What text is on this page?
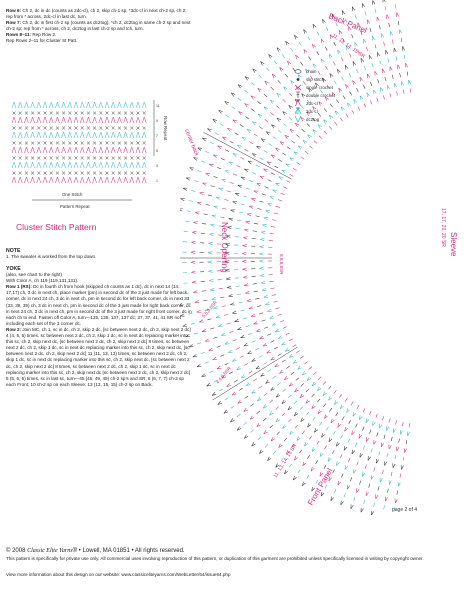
Row 6: Ch 2, dc in dc (counts as 2dc-cl), ch 2, skip ch-1 sp, *3dc-cl in next ch-2 sp, ch 2; rep from * across, 2dc-cl in last dc, turn.

Row 7: Ch 2, dc in first ch-2 sp (counts as dc2tog), *ch 2, dc2tog in same ch-2 sp and next ch-2 sp; rep from * across, ch 2, dc2tog in last ch-2 sp and tch, turn.

Rows 8–11: Rep Row 2.

Rep Rows 2–11 for Cluster St Patt.

11
9
7
5
3
1
Row Repeat
One Stitch
Pattern Repeat
Cluster Stitch Pattern

NOTE

1. The sweater is worked from the top down.

YOKE

(also, see chart to the right)

With Color A, ch 119 (119,131,131).

Row 1 (RS): Dc in fourth ch from hook (skipped ch counts as 1 dc), dc in next 14 (14, 17,17) ch, 3 dc in next ch, place marker (pm) in second dc of the 3 just made for left back corner, dc in next 24 ch, 3 dc in next ch, pm in second dc for left back corner, dc in next 33 (33, 39, 39) ch, 3 dc in next ch, pm in second dc of the 3 just made for right back corner, dc in next 24 ch, 3 dc in next ch, pm in second dc of the 3 just made for right front corner, dc in each ch to end. Fasten off Color A, turn—125, 125, 137, 137 dc; 37, 37, 41, 41 SR not including each set of the 3 corner dc.

Row 2: Join MC, ch 1, sc in dc, ch 2, skip 2 dc, [sc between next 2 dc, ch 2, skip next 2 dc] 4 (4, 5, 5) times, sc between next 2 dc, ch 2, skip 1 dc, sc in next dc replacing marker into this sc, ch 2, skip next dc, [sc between next 2 dc, ch 2, skip next 2 dc] 8 times, sc between next 2 dc, ch 2, skip 1 dc, sc in next dc replacing marker into this sc, ch 2, skip next dc, [sc between next 2 dc, ch 2, skip next 2 dc] 11 (11, 13, 13) times, sc between next 2 dc, ch 2, skip 1 dc, sc in next dc replacing marker into this sc, ch 2, skip next dc, [sc between next 2 dc, ch 2, skip next 2 dc] 8 times, sc between next 2 dc, ch 2, skip 1 dc, sc in next dc replacing marker into this sc, ch 2, skip next dc [sc between next 2 dc, ch 2, skip next 2 dc] 5 (5, 6, 6) times, sc in last sc, turn—45 (45, 49, 49) ch-2 sp’s and SR; 6 (6, 7, 7) ch-2 sp each Front; 10 ch-2 sp on each Sleeve; 13 (13, 15, 15) ch-2 sp on Back.

Back Panel
11, 13, 14, 15 SR
center back
Sleeve
17, 17, 20, 20 SR
Neck Opening
Front Panel
11, 13, 14, 15 SR
8,8,8,8SR
5,5,6,6SR
4,4,5,5SR
chain
slip stitch
single crochet
double crochet
2dc-cl
3dc-cl
dc2tog
page 2 of 4

© 2008 Classic Elite Yarns® • Lowell, MA 01851 • All rights reserved.

This pattern is specifically for private use only. All commercial uses involving reproduction of this pattern, or duplication of this garment are prohibited unless specifically licensed in writing by copyright owner.

View more information about this design on our website: www.classiceliteyarns.com/WebLetter/64/issue64.php
